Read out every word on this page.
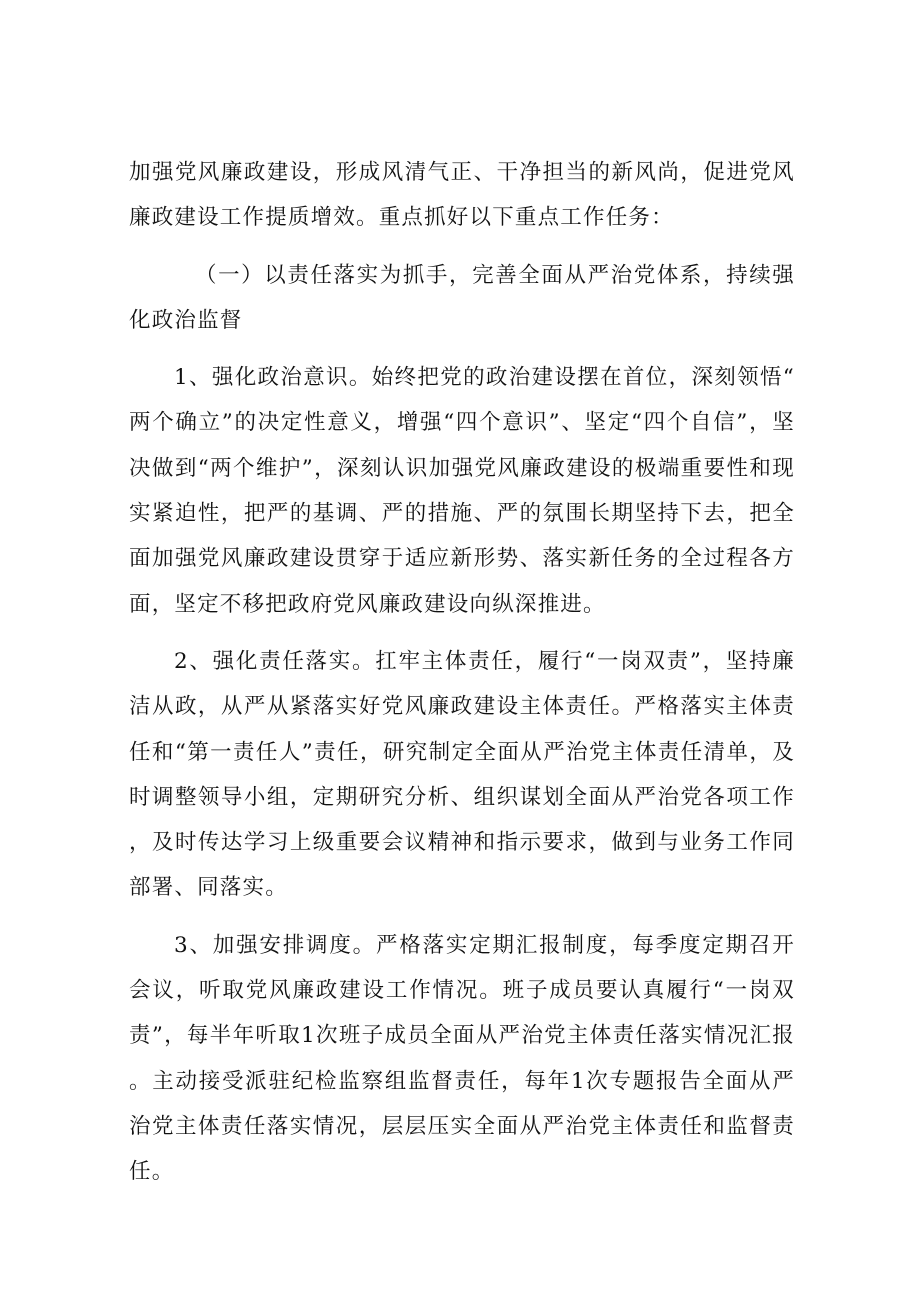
加强党风廉政建设，形成风清气正、干净担当的新风尚，促进党风廉政建设工作提质增效。重点抓好以下重点工作任务：

（一）以责任落实为抓手，完善全面从严治党体系，持续强化政治监督

1、强化政治意识。始终把党的政治建设摆在首位，深刻领悟“两个确立”的决定性意义，增强“四个意识”、坚定“四个自信”，坚决做到“两个维护”，深刻认识加强党风廉政建设的极端重要性和现实紧迫性，把严的基调、严的措施、严的氛围长期坚持下去，把全面加强党风廉政建设贯穿于适应新形势、落实新任务的全过程各方面，坚定不移把政府党风廉政建设向纵深推进。

2、强化责任落实。扛牢主体责任，履行“一岗双责”，坚持廉洁从政，从严从紧落实好党风廉政建设主体责任。严格落实主体责任和“第一责任人”责任，研究制定全面从严治党主体责任清单，及时调整领导小组，定期研究分析、组织谋划全面从严治党各项工作，及时传达学习上级重要会议精神和指示要求，做到与业务工作同部署、同落实。

3、加强安排调度。严格落实定期汇报制度，每季度定期召开会议，听取党风廉政建设工作情况。班子成员要认真履行“一岗双责”，每半年听取1次班子成员全面从严治党主体责任落实情况汇报。主动接受派驻纪检监察组监督责任，每年1次专题报告全面从严治党主体责任落实情况，层层压实全面从严治党主体责任和监督责任。
